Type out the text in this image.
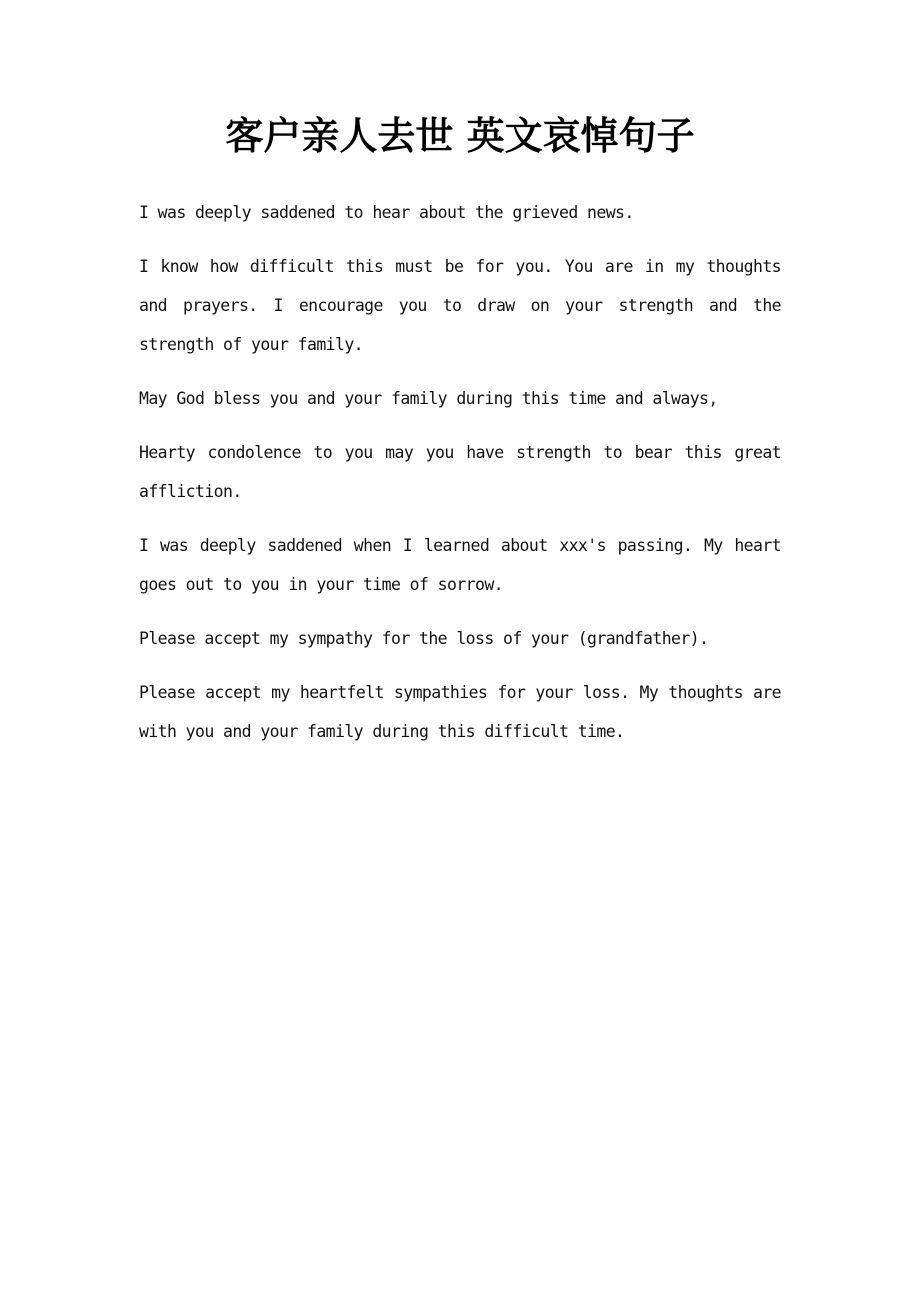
客户亲人去世 英文哀悼句子

I was deeply saddened to hear about the grieved news.

I know how difficult this must be for you. You are in my thoughts and prayers. I encourage you to draw on your strength and the strength of your family.

May God bless you and your family during this time and always,

Hearty condolence to you may you have strength to bear this great affliction.

I was deeply saddened when I learned about xxx's passing. My heart goes out to you in your time of sorrow.

Please accept my sympathy for the loss of your (grandfather).

Please accept my heartfelt sympathies for your loss. My thoughts are with you and your family during this difficult time.
